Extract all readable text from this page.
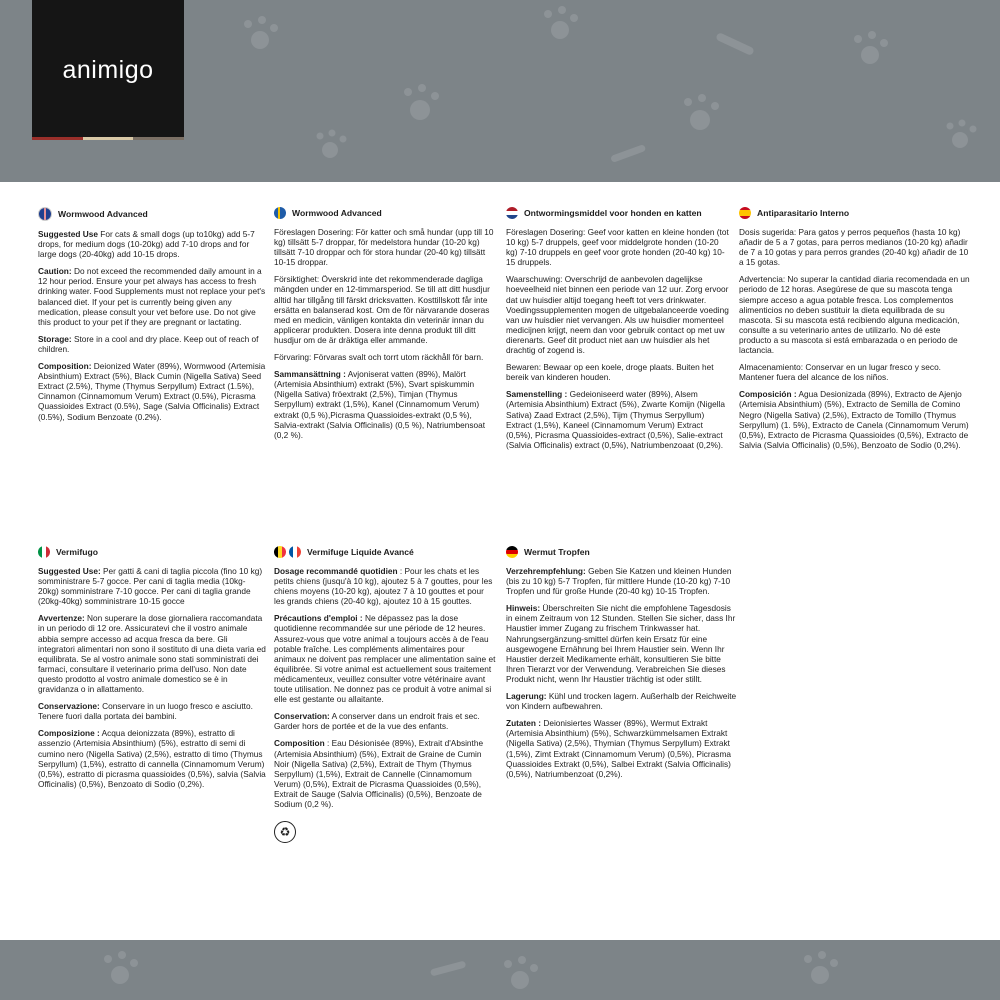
animigo
Wormwood Advanced

Suggested Use For cats & small dogs (up to10kg) add 5-7 drops, for medium dogs (10-20kg) add 7-10 drops and for large dogs (20-40kg) add 10-15 drops.

Caution: Do not exceed the recommended daily amount in a 12 hour period. Ensure your pet always has access to fresh drinking water. Food Supplements must not replace your pet's balanced diet. If your pet is currently being given any medication, please consult your vet before use. Do not give this product to your pet if they are pregnant or lactating.

Storage: Store in a cool and dry place. Keep out of reach of children.

Composition: Deionized Water (89%), Wormwood (Artemisia Absinthium) Extract (5%), Black Cumin (Nigella Sativa) Seed Extract (2.5%), Thyme (Thymus Serpyllum) Extract (1.5%), Cinnamon (Cinnamomum Verum) Extract (0.5%), Picrasma Quassioides Extract (0.5%), Sage (Salvia Officinalis) Extract (0.5%), Sodium Benzoate (0.2%).

Wormwood Advanced

Föreslagen Dosering: För katter och små hundar (upp till 10 kg) tillsätt 5-7 droppar, för medelstora hundar (10-20 kg) tillsätt 7-10 droppar och för stora hundar (20-40 kg) tillsätt 10-15 droppar.

Försiktighet: Överskrid inte det rekommenderade dagliga mängden under en 12-timmarsperiod. Se till att ditt husdjur alltid har tillgång till färskt dricksvatten. Kosttillskott får inte ersätta en balanserad kost. Om de för närvarande doseras med en medicin, vänligen kontakta din veterinär innan du applicerar produkten. Dosera inte denna produkt till ditt husdjur om de är dräktiga eller ammande.

Förvaring: Förvaras svalt och torrt utom räckhåll för barn.

Sammansättning : Avjoniserat vatten (89%), Malört (Artemisia Absinthium) extrakt (5%), Svart spiskummin (Nigella Sativa) fröextrakt (2,5%), Timjan (Thymus Serpyllum) extrakt (1,5%), Kanel (Cinnamomum Verum) extrakt (0,5 %),Picrasma Quassioides-extrakt (0,5 %), Salvia-extrakt (Salvia Officinalis) (0,5 %), Natriumbensoat (0,2 %).

Ontwormingsmiddel voor honden en katten

Föreslagen Dosering: Geef voor katten en kleine honden (tot 10 kg) 5-7 druppels, geef voor middelgrote honden (10-20 kg) 7-10 druppels en geef voor grote honden (20-40 kg) 10-15 druppels.

Waarschuwing: Overschrijd de aanbevolen dagelijkse hoeveelheid niet binnen een periode van 12 uur. Zorg ervoor dat uw huisdier altijd toegang heeft tot vers drinkwater. Voedingssupplementen mogen de uitgebalanceerde voeding van uw huisdier niet vervangen. Als uw huisdier momenteel medicijnen krijgt, neem dan voor gebruik contact op met uw dierenarts. Geef dit product niet aan uw huisdier als het drachtig of zogend is.

Bewaren: Bewaar op een koele, droge plaats. Buiten het bereik van kinderen houden.

Samenstelling : Gedeioniseerd water (89%), Alsem (Artemisia Absinthium) Extract (5%), Zwarte Komijn (Nigella Sativa) Zaad Extract (2,5%), Tijm (Thymus Serpyllum) Extract (1,5%), Kaneel (Cinnamomum Verum) Extract (0,5%), Picrasma Quassioides-extract (0,5%), Salie-extract (Salvia Officinalis) extract (0,5%), Natriumbenzoaat (0,2%).

Antiparasitario Interno

Dosis sugerida: Para gatos y perros pequeños (hasta 10 kg) añadir de 5 a 7 gotas, para perros medianos (10-20 kg) añadir de 7 a 10 gotas y para perros grandes (20-40 kg) añadir de 10 a 15 gotas.

Advertencia: No superar la cantidad diaria recomendada en un periodo de 12 horas. Asegúrese de que su mascota tenga siempre acceso a agua potable fresca. Los complementos alimenticios no deben sustituir la dieta equilibrada de su mascota. Si su mascota está recibiendo alguna medicación, consulte a su veterinario antes de utilizarlo. No dé este producto a su mascota si está embarazada o en periodo de lactancia.

Almacenamiento: Conservar en un lugar fresco y seco. Mantener fuera del alcance de los niños.

Composición : Agua Desionizada (89%), Extracto de Ajenjo (Artemisia Absinthium) (5%), Extracto de Semilla de Comino Negro (Nigella Sativa) (2,5%), Extracto de Tomillo (Thymus Serpyllum) (1. 5%), Extracto de Canela (Cinnamomum Verum) (0,5%), Extracto de Picrasma Quassioides (0,5%), Extracto de Salvia (Salvia Officinalis) (0,5%), Benzoato de Sodio (0,2%).

Vermifugo

Suggested Use: Per gatti & cani di taglia piccola (fino 10 kg) somministrare 5-7 gocce. Per cani di taglia media (10kg-20kg) somministrare 7-10 gocce. Per cani di taglia grande (20kg-40kg) somministrare 10-15 gocce

Avvertenze: Non superare la dose giornaliera raccomandata in un periodo di 12 ore. Assicuratevi che il vostro animale abbia sempre accesso ad acqua fresca da bere. Gli integratori alimentari non sono il sostituto di una dieta varia ed equilibrata. Se al vostro animale sono stati somministrati dei farmaci, consultare il veterinario prima dell'uso. Non date questo prodotto al vostro animale domestico se è in gravidanza o in allattamento.

Conservazione: Conservare in un luogo fresco e asciutto. Tenere fuori dalla portata dei bambini.

Composizione : Acqua deionizzata (89%), estratto di assenzio (Artemisia Absinthium) (5%), estratto di semi di cumino nero (Nigella Sativa) (2,5%), estratto di timo (Thymus Serpyllum) (1,5%), estratto di cannella (Cinnamomum Verum) (0,5%), estratto di picrasma quassioides (0,5%), salvia (Salvia Officinalis) (0,5%), Benzoato di Sodio (0,2%).

Vermifuge Liquide Avancé

Dosage recommandé quotidien : Pour les chats et les petits chiens (jusqu'à 10 kg), ajoutez 5 à 7 gouttes, pour les chiens moyens (10-20 kg), ajoutez 7 à 10 gouttes et pour les grands chiens (20-40 kg), ajoutez 10 à 15 gouttes.

Précautions d'emploi : Ne dépassez pas la dose quotidienne recommandée sur une période de 12 heures. Assurez-vous que votre animal a toujours accès à de l'eau potable fraîche. Les compléments alimentaires pour animaux ne doivent pas remplacer une alimentation saine et équilibrée. Si votre animal est actuellement sous traitement médicamenteux, veuillez consulter votre vétérinaire avant toute utilisation. Ne donnez pas ce produit à votre animal si elle est gestante ou allaitante.

Conservation: A conserver dans un endroit frais et sec. Garder hors de portée et de la vue des enfants.

Composition : Eau Désionisée (89%), Extrait d'Absinthe (Artemisia Absinthium) (5%), Extrait de Graine de Cumin Noir (Nigella Sativa) (2,5%), Extrait de Thym (Thymus Serpyllum) (1,5%), Extrait de Cannelle (Cinnamomum Verum) (0,5%), Extrait de Picrasma Quassioides (0,5%), Extrait de Sauge (Salvia Officinalis) (0,5%), Benzoate de Sodium (0,2 %).

♻
Wermut Tropfen

Verzehrempfehlung: Geben Sie Katzen und kleinen Hunden (bis zu 10 kg) 5-7 Tropfen, für mittlere Hunde (10-20 kg) 7-10 Tropfen und für große Hunde (20-40 kg) 10-15 Tropfen.

Hinweis: Überschreiten Sie nicht die empfohlene Tagesdosis in einem Zeitraum von 12 Stunden. Stellen Sie sicher, dass Ihr Haustier immer Zugang zu frischem Trinkwasser hat. Nahrungsergänzung-smittel dürfen kein Ersatz für eine ausgewogene Ernährung bei Ihrem Haustier sein. Wenn Ihr Haustier derzeit Medikamente erhält, konsultieren Sie bitte Ihren Tierarzt vor der Verwendung. Verabreichen Sie dieses Produkt nicht, wenn Ihr Haustier trächtig ist oder stillt.

Lagerung: Kühl und trocken lagern. Außerhalb der Reichweite von Kindern aufbewahren.

Zutaten : Deionisiertes Wasser (89%), Wermut Extrakt (Artemisia Absinthium) (5%), Schwarzkümmelsamen Extrakt (Nigella Sativa) (2,5%), Thymian (Thymus Serpyllum) Extrakt (1,5%), Zimt Extrakt (Cinnamomum Verum) (0,5%), Picrasma Quassioides Extrakt (0,5%), Salbei Extrakt (Salvia Officinalis) (0,5%), Natriumbenzoat (0,2%).
